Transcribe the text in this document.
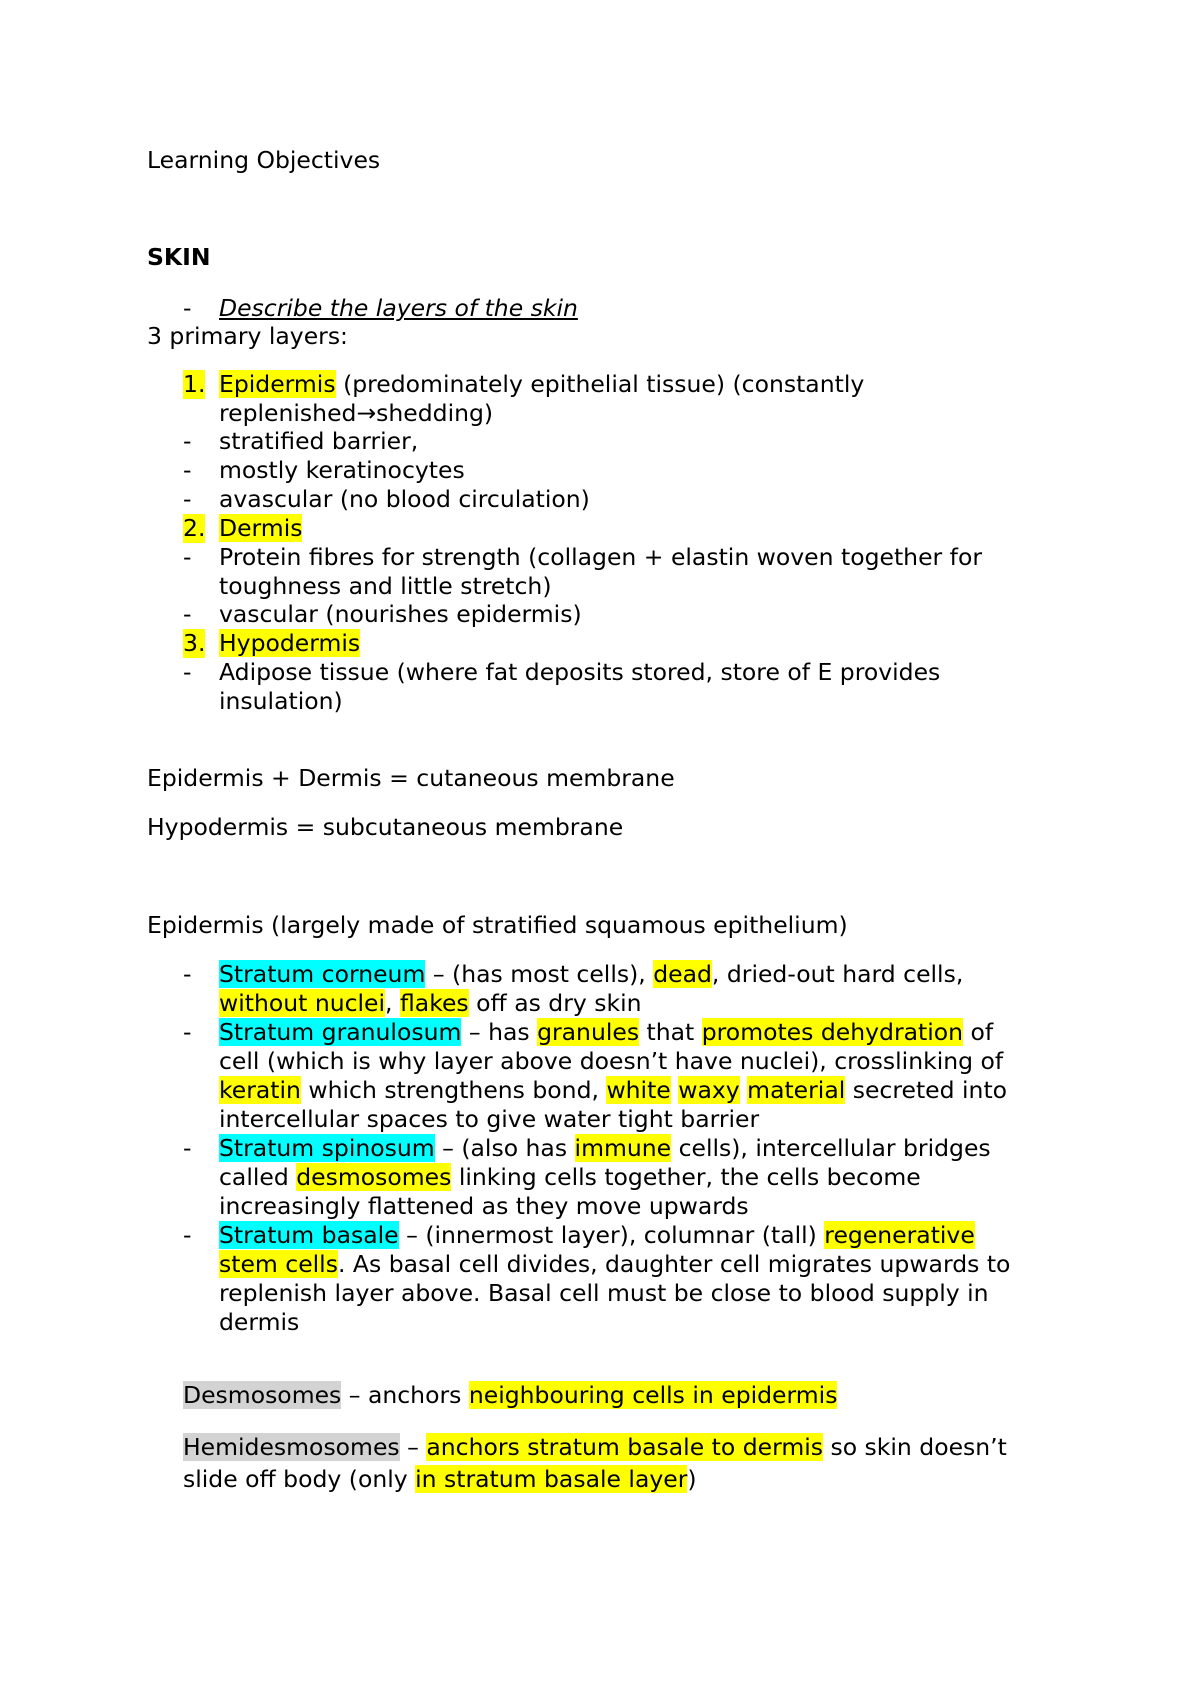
Learning Objectives

SKIN

- Describe the layers of the skin

3 primary layers:

1. Epidermis (predominately epithelial tissue) (constantly
replenished→shedding)

- stratified barrier,

- mostly keratinocytes

- avascular (no blood circulation)

2. Dermis

- Protein fibres for strength (collagen + elastin woven together for
toughness and little stretch)

- vascular (nourishes epidermis)

3. Hypodermis

- Adipose tissue (where fat deposits stored, store of E provides
insulation)

Epidermis + Dermis = cutaneous membrane

Hypodermis = subcutaneous membrane

Epidermis (largely made of stratified squamous epithelium)

- Stratum corneum – (has most cells), dead, dried-out hard cells,
without nuclei, flakes off as dry skin

- Stratum granulosum – has granules that promotes dehydration of
cell (which is why layer above doesn’t have nuclei), crosslinking of
keratin which strengthens bond, white waxy material secreted into
intercellular spaces to give water tight barrier

- Stratum spinosum – (also has immune cells), intercellular bridges
called desmosomes linking cells together, the cells become
increasingly flattened as they move upwards

- Stratum basale – (innermost layer), columnar (tall) regenerative
stem cells. As basal cell divides, daughter cell migrates upwards to
replenish layer above. Basal cell must be close to blood supply in
dermis

Desmosomes – anchors neighbouring cells in epidermis

Hemidesmosomes – anchors stratum basale to dermis so skin doesn’t
slide off body (only in stratum basale layer)
